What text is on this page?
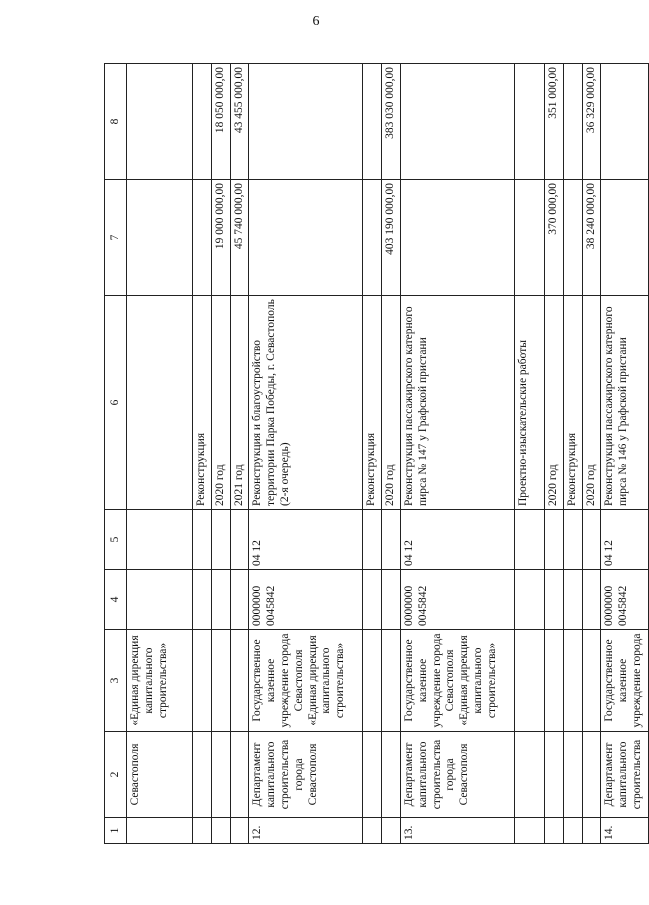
6
1	2	3	4	5	6	7	8
	Севастополя	«Единая дирекция капитального строительства»					
					Реконструкция		
					2020 год	19 000 000,00	18 050 000,00
					2021 год	45 740 000,00	43 455 000,00
12.	Департамент капитального строительства города Севастополя	Государственное казенное учреждение города Севастополя «Единая дирекция капитального строительства»	0000000 0045842	04 12	Реконструкция и благоустройство территории Парка Победы, г. Севастополь (2-я очередь)		
					Реконструкция		
					2020 год	403 190 000,00	383 030 000,00
13.	Департамент капитального строительства города Севастополя	Государственное казенное учреждение города Севастополя «Единая дирекция капитального строительства»	0000000 0045842	04 12	Реконструкция пассажирского катерного пирса № 147 у Графской пристани		
					Проектно-изыскательские работы		
					2020 год	370 000,00	351 000,00
					Реконструкция		
					2020 год	38 240 000,00	36 329 000,00
14.	Департамент капитального строительства	Государственное казенное учреждение города	0000000 0045842	04 12	Реконструкция пассажирского катерного пирса № 146 у Графской пристани		
